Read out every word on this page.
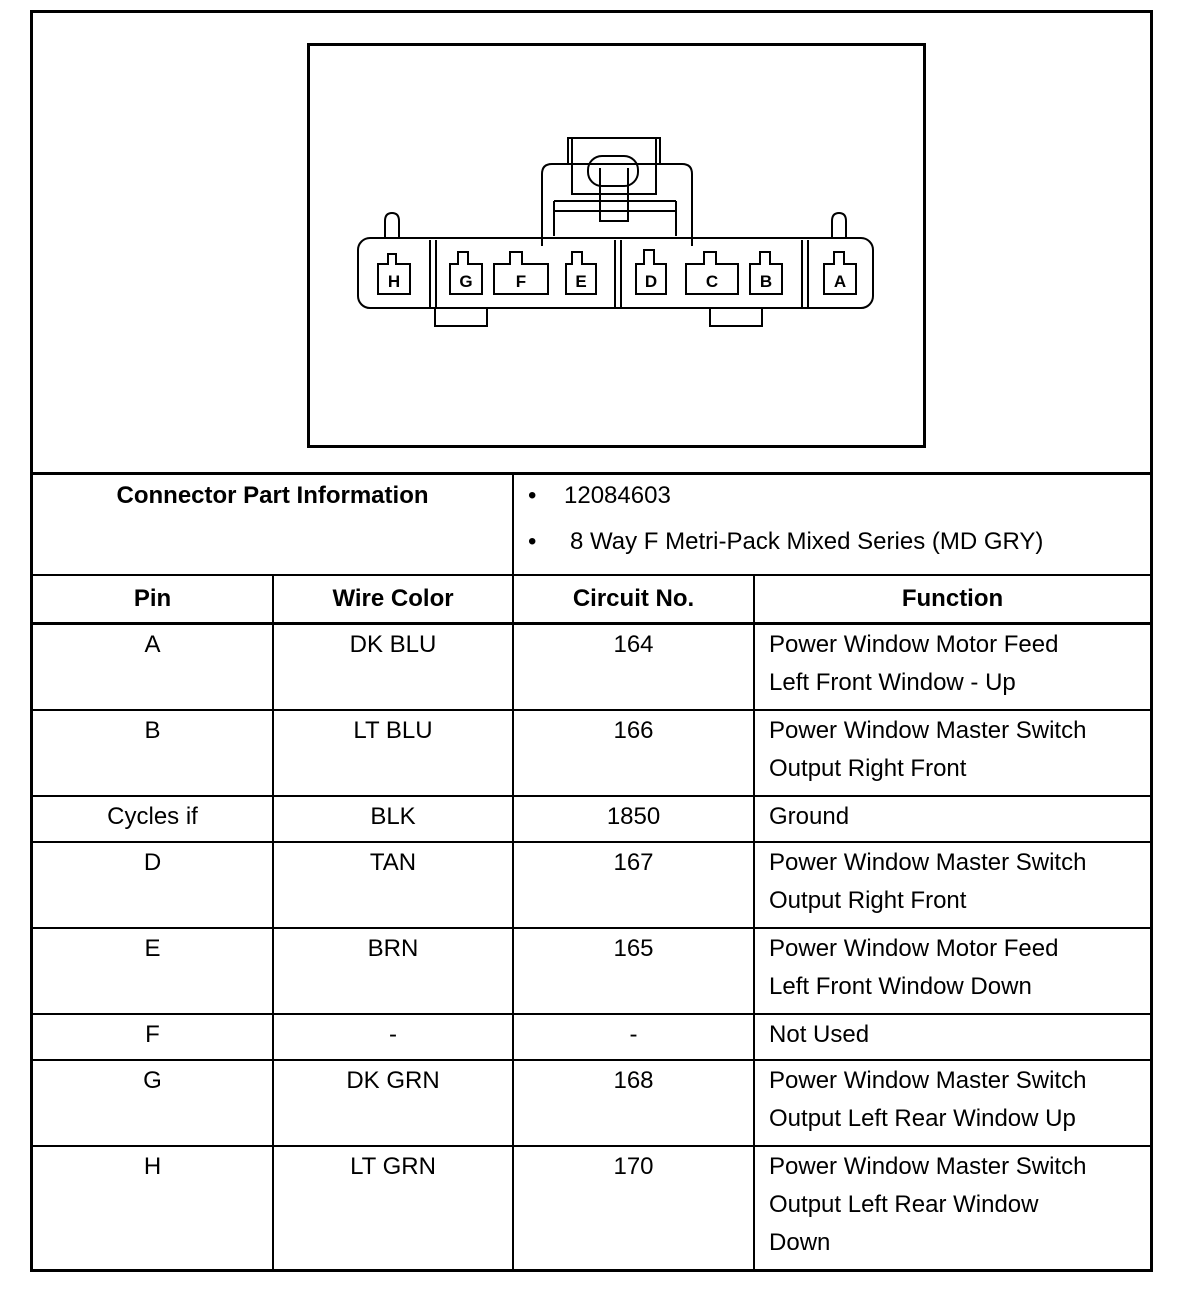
H	G	F	E	D	C B	A
Connector Part Information		• 12084603
• 8 Way F Metri-Pack Mixed Series (MD GRY)	

Pin	Wire Color	Circuit No.	Function
A	DK BLU	164	Power Window Motor Feed
Left Front Window - Up

B	LT BLU	166	Power Window Master Switch
Output Right Front

Cycles if	BLK	1850	Ground

D	TAN	167	Power Window Master Switch
Output Right Front

E	BRN	165	Power Window Motor Feed
Left Front Window Down

F	-	-	Not Used

G	DK GRN	168	Power Window Master Switch
Output Left Rear Window Up

H	LT GRN	170	Power Window Master Switch
Output Left Rear Window
Down
